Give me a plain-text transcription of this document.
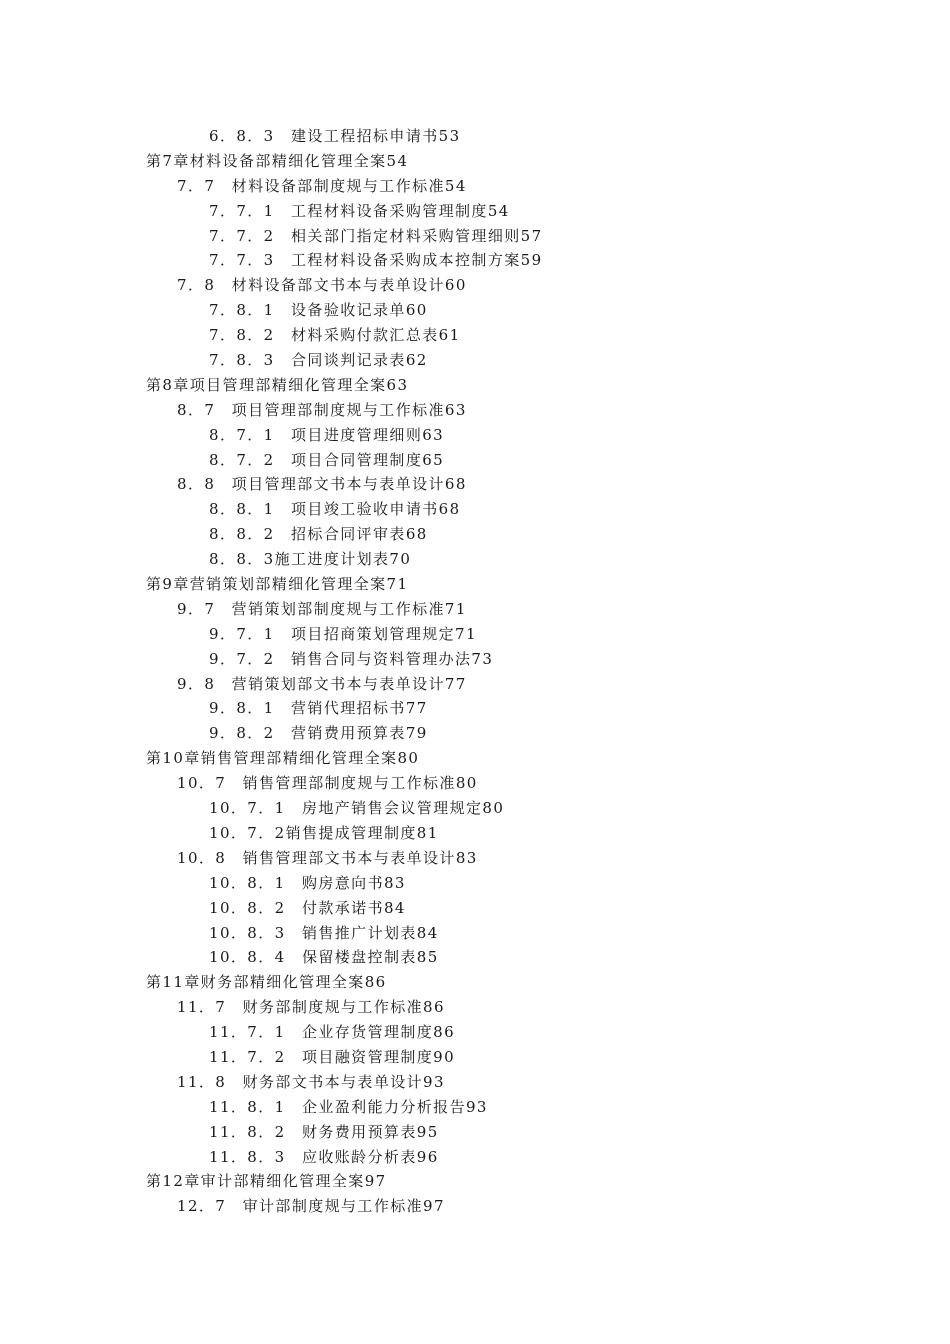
6．8．3　建设工程招标申请书53
第7章材料设备部精细化管理全案54
7．7　材料设备部制度规与工作标准54
7．7．1　工程材料设备采购管理制度54
7．7．2　相关部门指定材料采购管理细则57
7．7．3　工程材料设备采购成本控制方案59
7．8　材料设备部文书本与表单设计60
7．8．1　设备验收记录单60
7．8．2　材料采购付款汇总表61
7．8．3　合同谈判记录表62
第8章项目管理部精细化管理全案63
8．7　项目管理部制度规与工作标准63
8．7．1　项目进度管理细则63
8．7．2　项目合同管理制度65
8．8　项目管理部文书本与表单设计68
8．8．1　项目竣工验收申请书68
8．8．2　招标合同评审表68
8．8．3施工进度计划表70
第9章营销策划部精细化管理全案71
9．7　营销策划部制度规与工作标准71
9．7．1　项目招商策划管理规定71
9．7．2　销售合同与资料管理办法73
9．8　营销策划部文书本与表单设计77
9．8．1　营销代理招标书77
9．8．2　营销费用预算表79
第10章销售管理部精细化管理全案80
10．7　销售管理部制度规与工作标准80
10．7．1　房地产销售会议管理规定80
10．7．2销售提成管理制度81
10．8　销售管理部文书本与表单设计83
10．8．1　购房意向书83
10．8．2　付款承诺书84
10．8．3　销售推广计划表84
10．8．4　保留楼盘控制表85
第11章财务部精细化管理全案86
11．7　财务部制度规与工作标准86
11．7．1　企业存货管理制度86
11．7．2　项目融资管理制度90
11．8　财务部文书本与表单设计93
11．8．1　企业盈利能力分析报告93
11．8．2　财务费用预算表95
11．8．3　应收账龄分析表96
第12章审计部精细化管理全案97
12．7　审计部制度规与工作标准97
